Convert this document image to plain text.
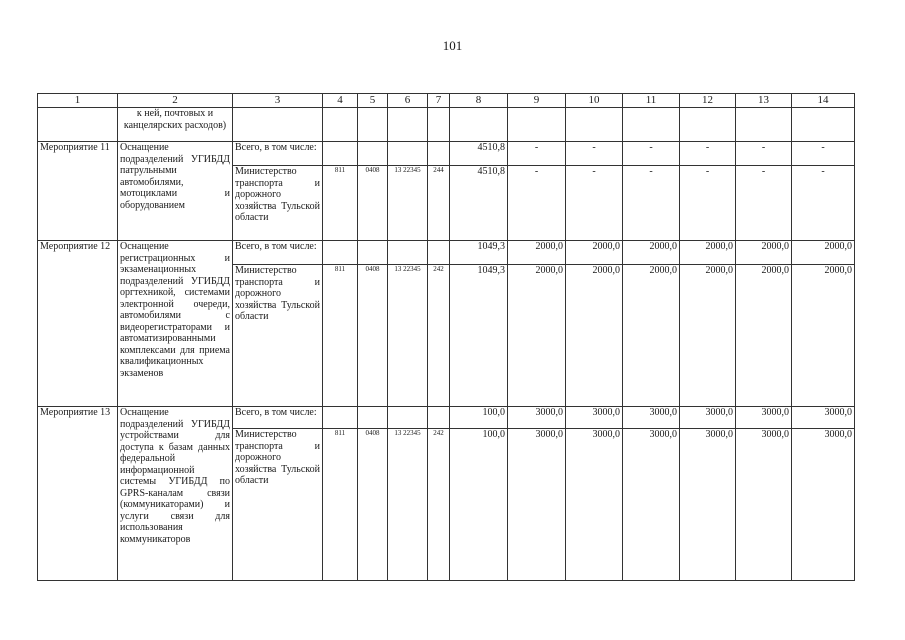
101
1	2	3	4	5	6	7	8	9	10	11	12	13	14
	к ней, почтовых и канцелярских расходов)												
Мероприятие 11	Оснащение подразделений УГИБДД патрульными автомобилями, мотоциклами и оборудованием	Всего, в том числе:					4510,8	-	-	-	-	-	-
		Министерство транспорта и дорожного хозяйства Тульской области	811	0408	13 22345	244	4510,8	-	-	-	-	-	-
Мероприятие 12	Оснащение регистрационных и экзаменационных подразделений УГИБДД оргтехникой, системами электронной очереди, автомобилями с видеорегистраторами и автоматизированными комплексами для приема квалификационных экзаменов	Всего, в том числе:					1049,3	2000,0	2000,0	2000,0	2000,0	2000,0	2000,0
		Министерство транспорта и дорожного хозяйства Тульской области	811	0408	13 22345	242	1049,3	2000,0	2000,0	2000,0	2000,0	2000,0	2000,0
Мероприятие 13	Оснащение подразделений УГИБДД устройствами для доступа к базам данных федеральной информационной системы УГИБДД по GPRS-каналам связи (коммуникаторами) и услуги связи для использования коммуникаторов	Всего, в том числе:					100,0	3000,0	3000,0	3000,0	3000,0	3000,0	3000,0
		Министерство транспорта и дорожного хозяйства Тульской области	811	0408	13 22345	242	100,0	3000,0	3000,0	3000,0	3000,0	3000,0	3000,0
